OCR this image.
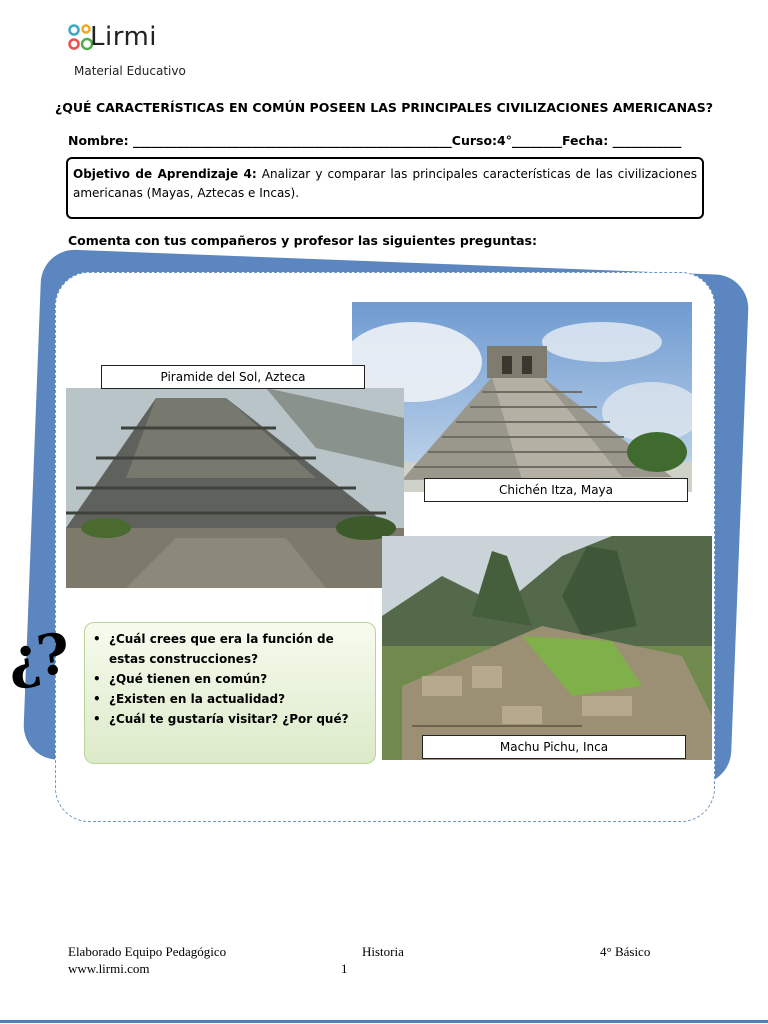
Lirmi
Material Educativo
¿QUÉ CARACTERÍSTICAS EN COMÚN POSEEN LAS PRINCIPALES CIVILIZACIONES AMERICANAS?
Nombre: ___________________________________________________Curso:4°________Fecha: ___________
Objetivo de Aprendizaje 4: Analizar y comparar las principales características de las civilizaciones americanas (Mayas, Aztecas e Incas).
Comenta con tus compañeros y profesor las siguientes preguntas:
Piramide del Sol, Azteca
Chichén Itza, Maya
Machu Pichu, Inca
¿? • ¿Cuál crees que era la función de estas construcciones?
• ¿Qué tienen en común?
• ¿Existen en la actualidad?
• ¿Cuál te gustaría visitar? ¿Por qué?
Elaborado Equipo Pedagógico	Historia	4° Básico
www.lirmi.com	1
